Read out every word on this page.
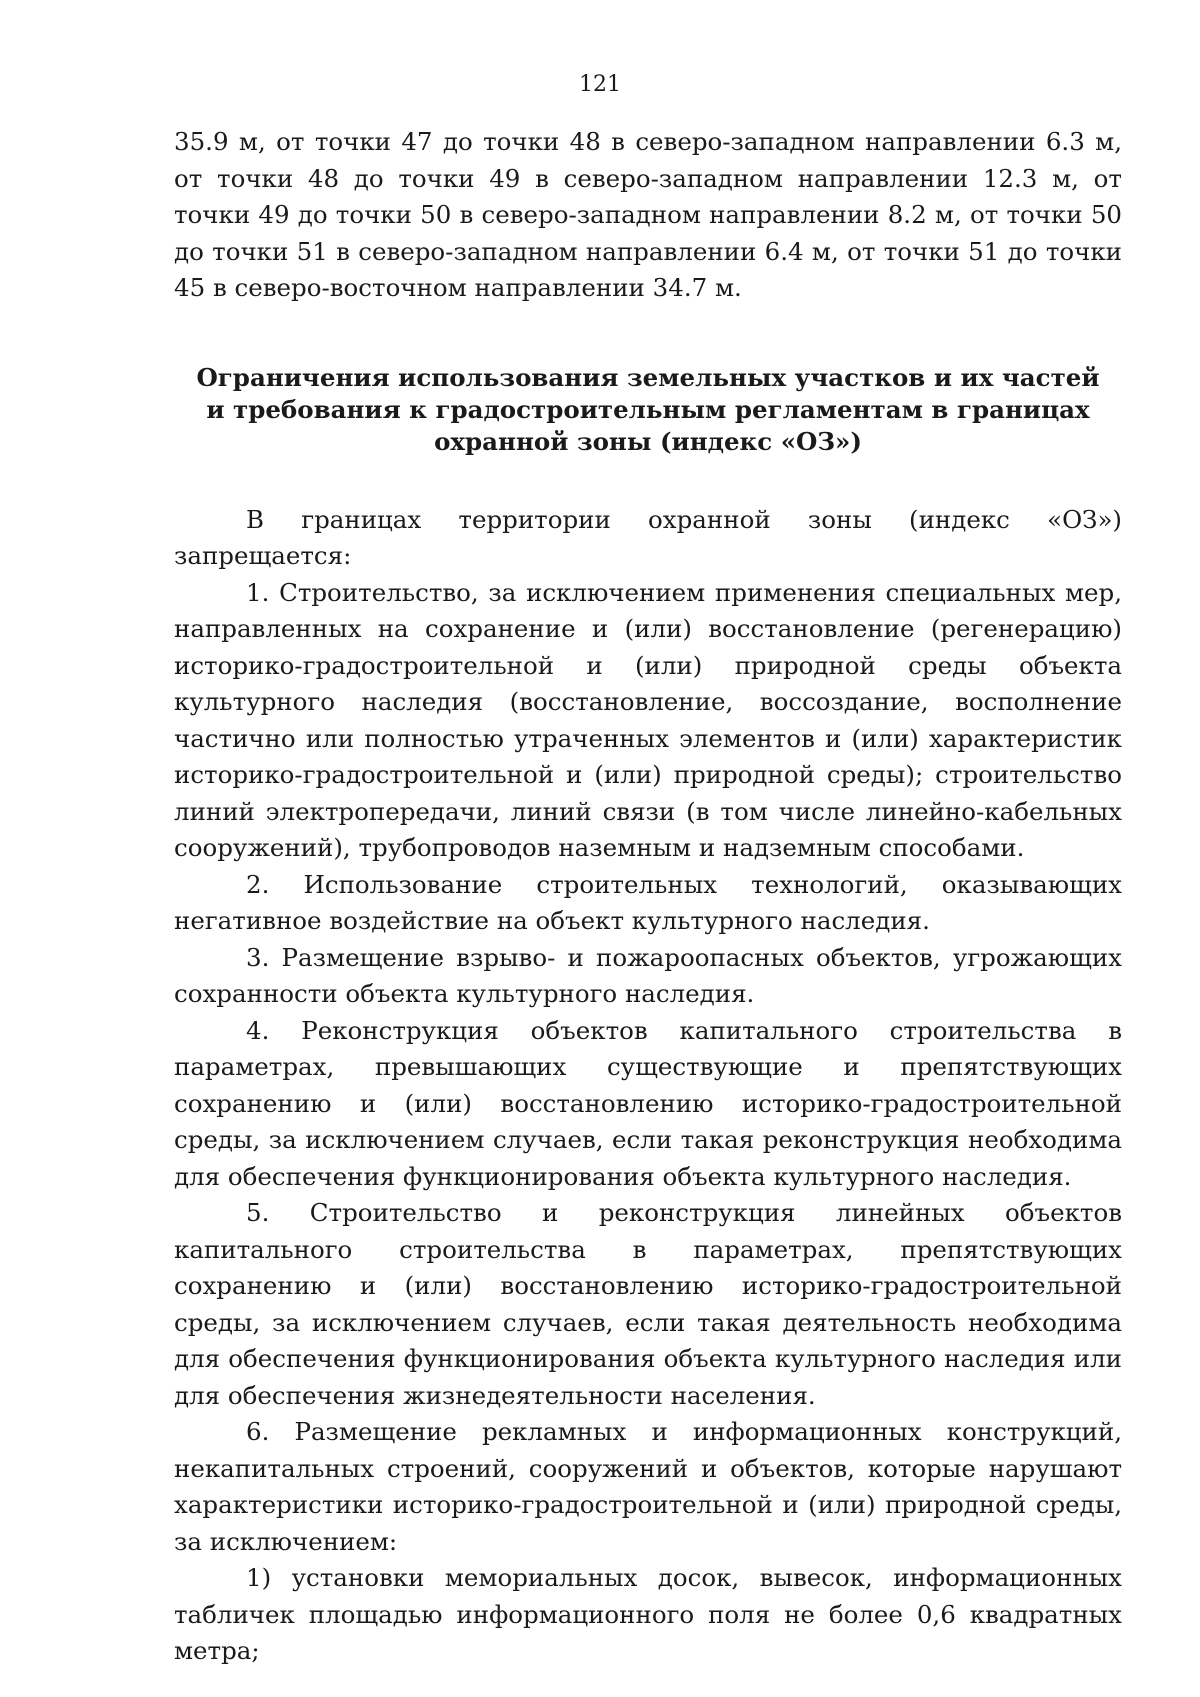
121

35.9 м, от точки 47 до точки 48 в северо-западном направлении 6.3 м, от точки 48 до точки 49 в северо-западном направлении 12.3 м, от точки 49 до точки 50 в северо-западном направлении 8.2 м, от точки 50 до точки 51 в северо-западном направлении 6.4 м, от точки 51 до точки 45 в северо-восточном направлении 34.7 м.

Ограничения использования земельных участков и их частей
и требования к градостроительным регламентам в границах
охранной зоны (индекс «ОЗ»)

В границах территории охранной зоны (индекс «ОЗ») запрещается:

1. Строительство, за исключением применения специальных мер, направленных на сохранение и (или) восстановление (регенерацию) историко-градостроительной и (или) природной среды объекта культурного наследия (восстановление, воссоздание, восполнение частично или полностью утраченных элементов и (или) характеристик историко-градостроительной и (или) природной среды); строительство линий электропередачи, линий связи (в том числе линейно-кабельных сооружений), трубопроводов наземным и надземным способами.

2. Использование строительных технологий, оказывающих негативное воздействие на объект культурного наследия.

3. Размещение взрыво- и пожароопасных объектов, угрожающих сохранности объекта культурного наследия.

4. Реконструкция объектов капитального строительства в параметрах, превышающих существующие и препятствующих сохранению и (или) восстановлению историко-градостроительной среды, за исключением случаев, если такая реконструкция необходима для обеспечения функционирования объекта культурного наследия.

5. Строительство и реконструкция линейных объектов капитального строительства в параметрах, препятствующих сохранению и (или) восстановлению историко-градостроительной среды, за исключением случаев, если такая деятельность необходима для обеспечения функционирования объекта культурного наследия или для обеспечения жизнедеятельности населения.

6. Размещение рекламных и информационных конструкций, некапитальных строений, сооружений и объектов, которые нарушают характеристики историко-градостроительной и (или) природной среды, за исключением:

1) установки мемориальных досок, вывесок, информационных табличек площадью информационного поля не более 0,6 квадратных метра;
